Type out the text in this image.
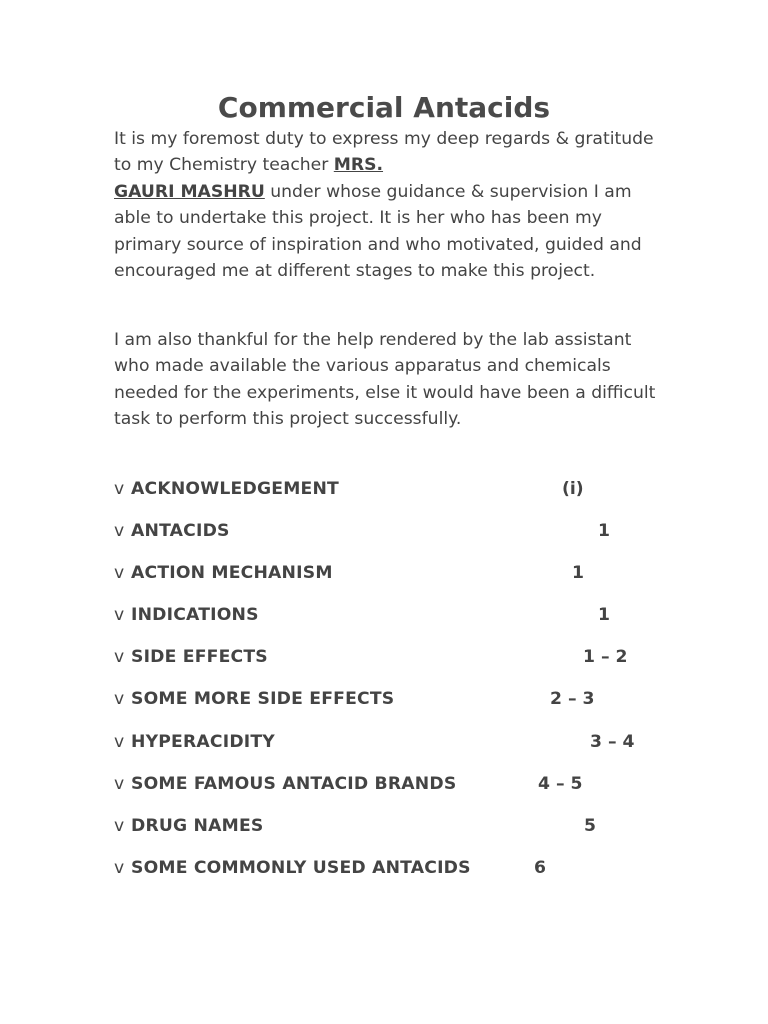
Commercial Antacids
It is my foremost duty to express my deep regards & gratitude to my Chemistry teacher MRS.
GAURI MASHRU under whose guidance & supervision I am able to undertake this project. It is her who has been my primary source of inspiration and who motivated, guided and encouraged me at different stages to make this project.
I am also thankful for the help rendered by the lab assistant who made available the various apparatus and chemicals needed for the experiments, else it would have been a difficult task to perform this project successfully.
v ACKNOWLEDGEMENT	(i)
v ANTACIDS	1
v ACTION MECHANISM	1
v INDICATIONS	1
v SIDE EFFECTS	1 – 2
v SOME MORE SIDE EFFECTS	2 – 3
v HYPERACIDITY	3 – 4
v SOME FAMOUS ANTACID BRANDS	4 – 5
v DRUG NAMES	5
v SOME COMMONLY USED ANTACIDS	6
